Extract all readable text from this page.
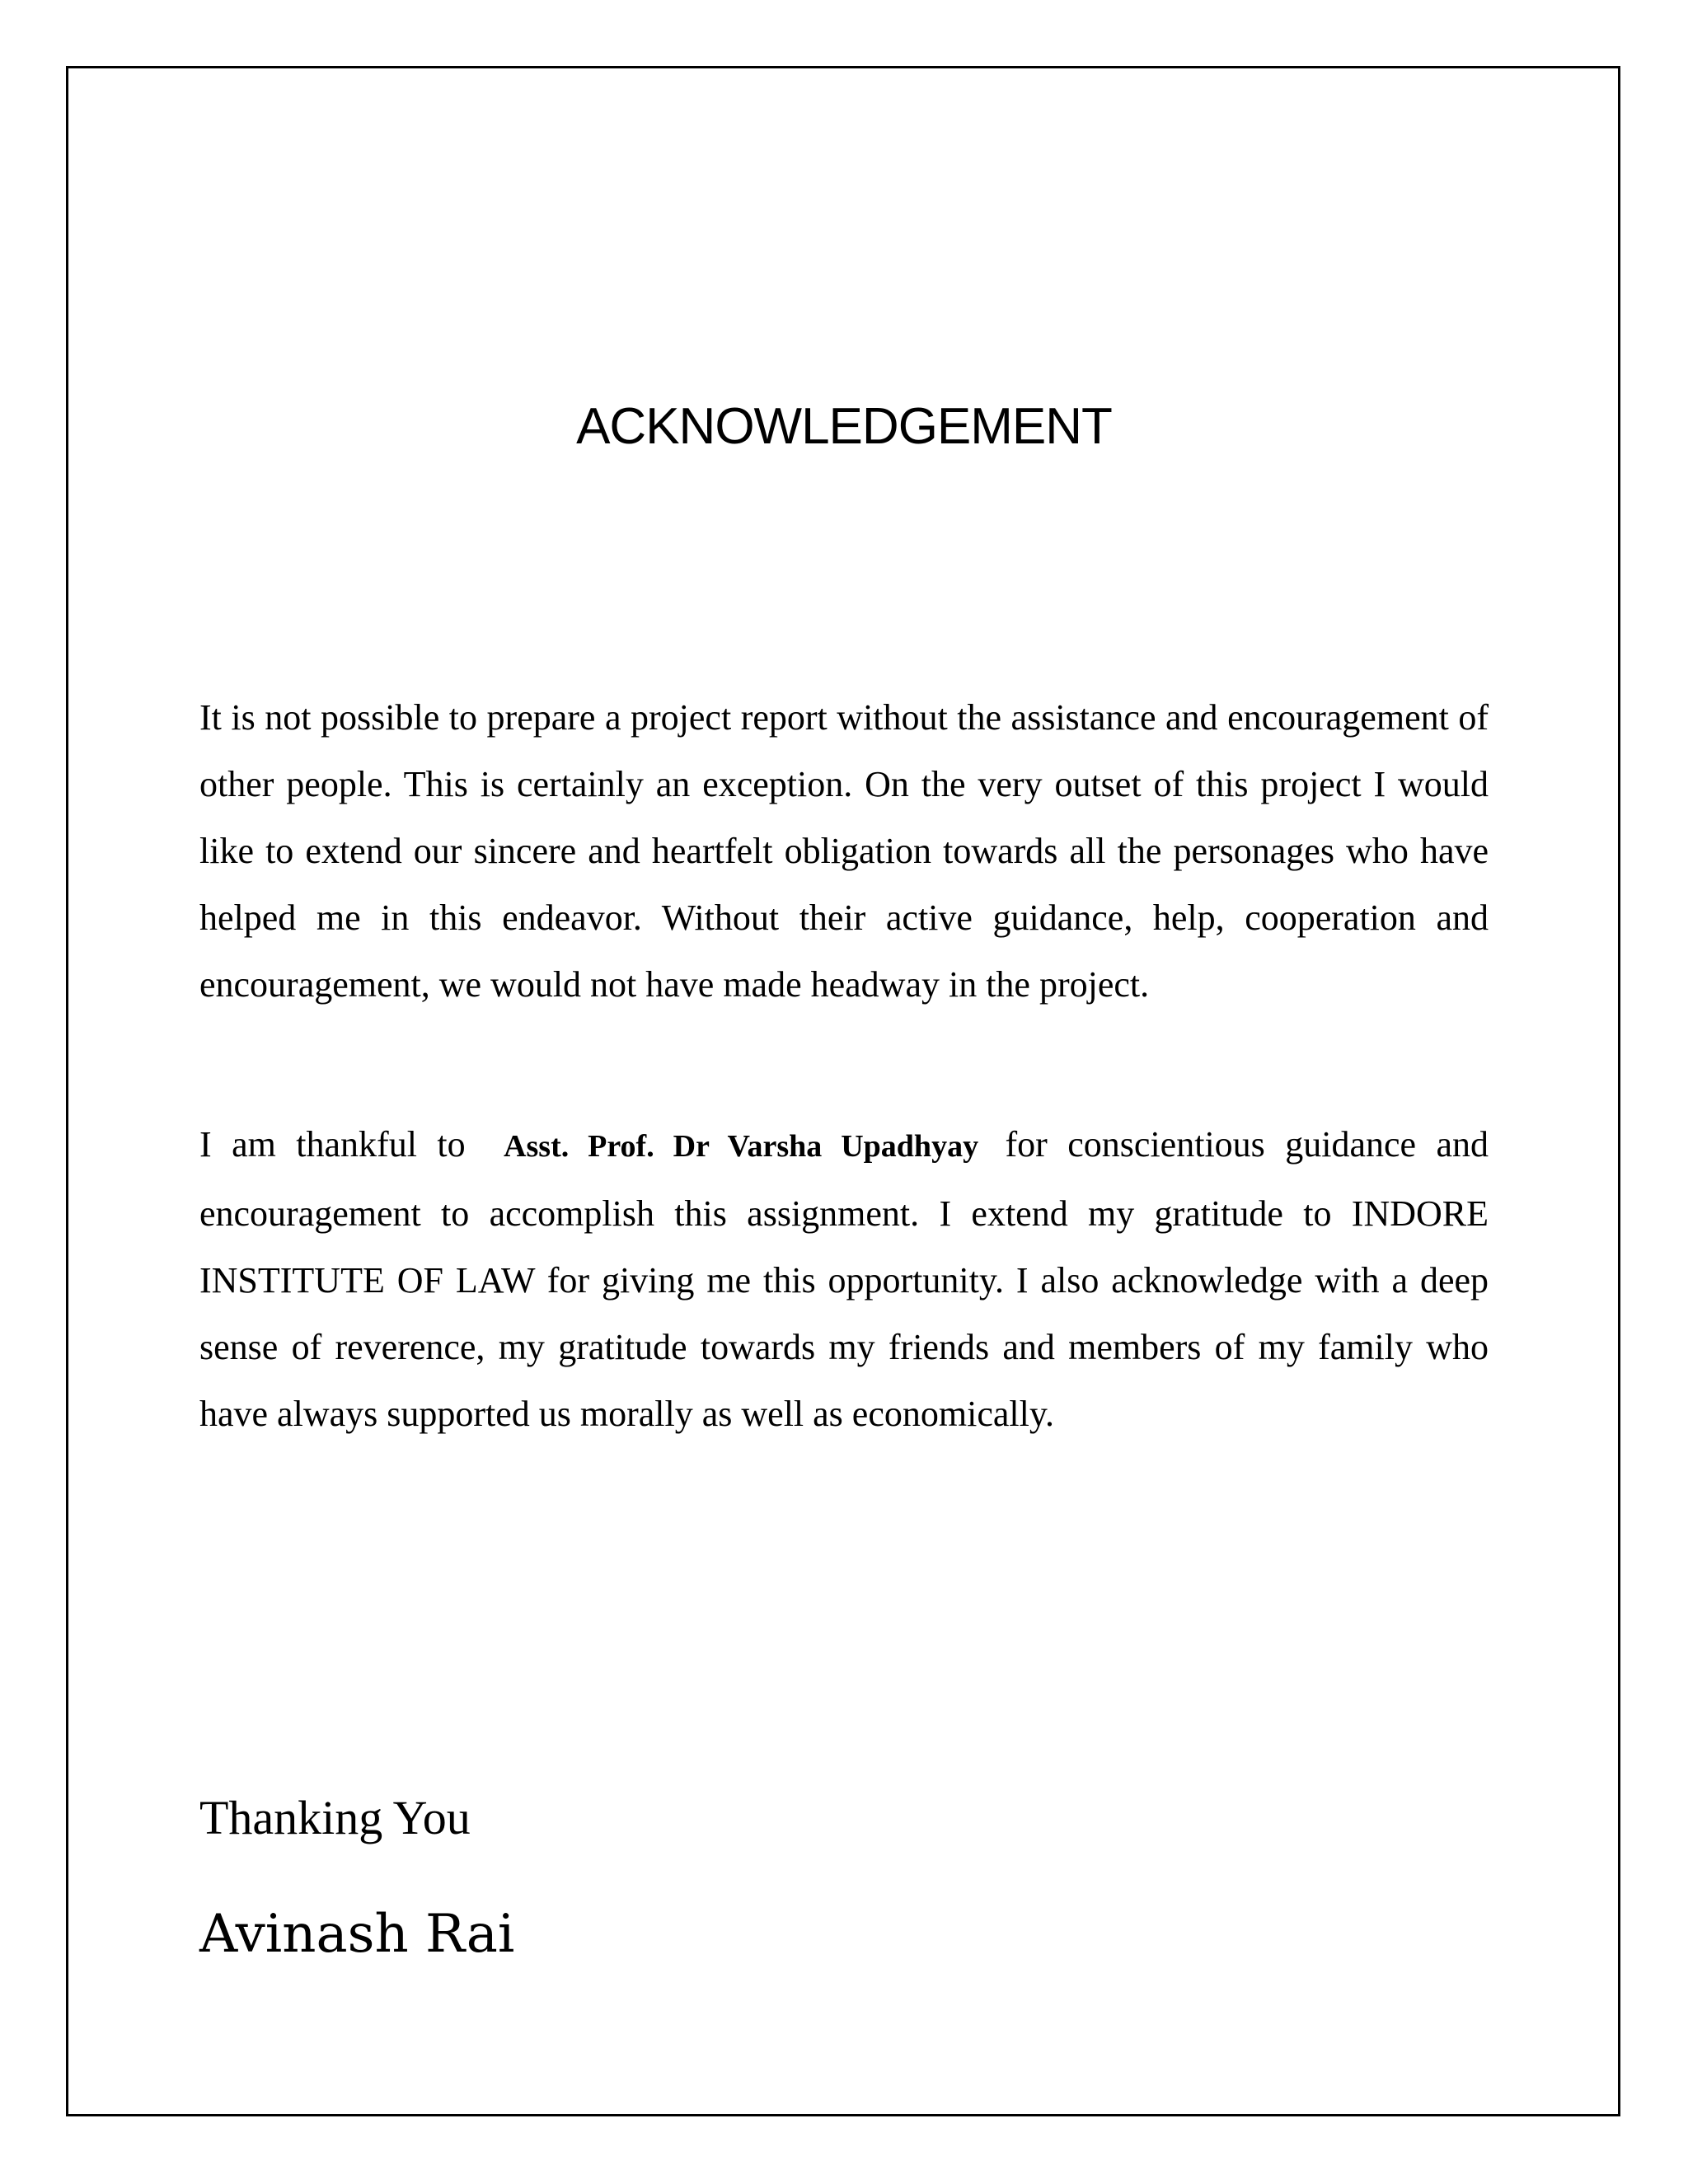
ACKNOWLEDGEMENT

It is not possible to prepare a project report without the assistance and encouragement of other people. This is certainly an exception. On the very outset of this project I would like to extend our sincere and heartfelt obligation towards all the personages who have helped me in this endeavor. Without their active guidance, help, cooperation and encouragement, we would not have made headway in the project.

I am thankful to Asst. Prof. Dr Varsha Upadhyay for conscientious guidance and encouragement to accomplish this assignment. I extend my gratitude to INDORE INSTITUTE OF LAW for giving me this opportunity. I also acknowledge with a deep sense of reverence, my gratitude towards my friends and members of my family who have always supported us morally as well as economically.

Thanking You

Avinash Rai
